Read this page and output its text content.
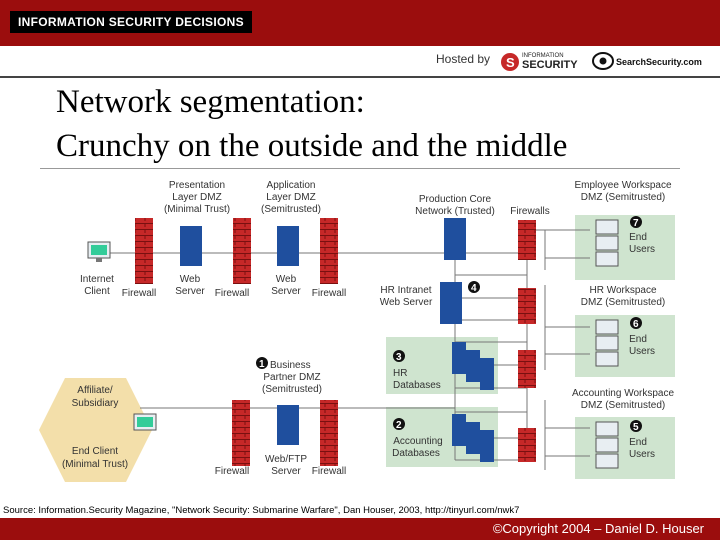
INFORMATION SECURITY DECISIONS
Hosted by S INFORMATION
SECURITY	SearchSecurity.com
Network segmentation:
Crunchy on the outside and the middle
1
2
3
4
5
6
7
Presentation
Layer DMZ
(Minimal Trust)
Application
Layer DMZ
(Semitrusted)
Production Core
Network (Trusted) Firewalls
Employee Workspace
DMZ (Semitrusted)
End
Users
Internet
Client Firewall
Web
Server Firewall
Web
Server Firewall	HR Intranet
Web Server
HR Workspace
DMZ (Semitrusted)
End
Users
Business
Partner DMZ
(Semitrusted)
HR
Databases
Accounting Workspace
DMZ (Semitrusted)
End
Users
Affiliate/
Subsidiary
End Client
(Minimal Trust)
Accounting
Databases
Firewall
Web/FTP
Server Firewall
Source: Information.Security Magazine, "Network Security: Submarine Warfare", Dan Houser, 2003, http://tinyurl.com/nwk7
©Copyright 2004 – Daniel D. Houser
